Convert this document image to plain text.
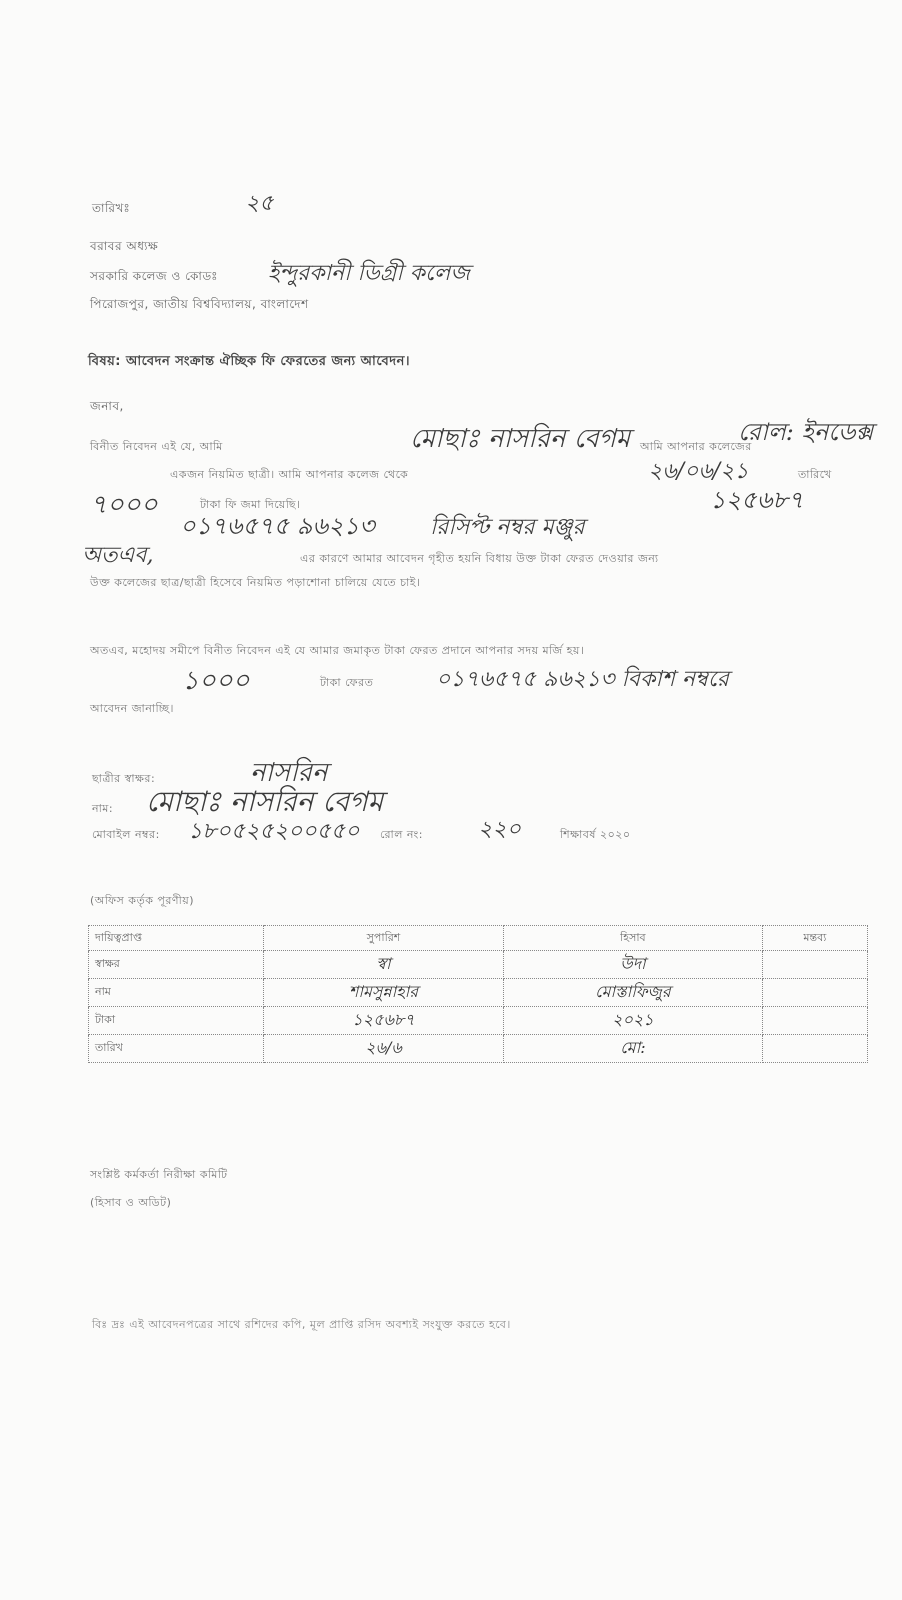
তারিখঃ	২৫
বরাবর অধ্যক্ষ
সরকারি কলেজ ও কোডঃ ইন্দুরকানী ডিগ্রী কলেজ
পিরোজপুর, জাতীয় বিশ্ববিদ্যালয়, বাংলাদেশ
বিষয়: আবেদন সংক্রান্ত ঐচ্ছিক ফি ফেরতের জন্য আবেদন।
জনাব,
বিনীত নিবেদন এই যে, আমি	মোছাঃ নাসরিন বেগম আমি আপনার কলেজের
রোল: ইনডেক্স
একজন নিয়মিত ছাত্রী। আমি আপনার কলেজ থেকে	২৬/০৬/২১	তারিখে
৭০০০	টাকা ফি জমা দিয়েছি।	১২৫৬৮৭
০১৭৬৫৭৫ ৯৬২১৩	রিসিপ্ট নম্বর মঞ্জুর
অতএব,	এর কারণে আমার আবেদন গৃহীত হয়নি বিধায় উক্ত টাকা ফেরত দেওয়ার জন্য
উক্ত কলেজের ছাত্র/ছাত্রী হিসেবে নিয়মিত পড়াশোনা চালিয়ে যেতে চাই।
অতএব, মহোদয় সমীপে বিনীত নিবেদন এই যে আমার জমাকৃত টাকা ফেরত প্রদানে আপনার সদয় মর্জি হয়।
১০০০	টাকা ফেরত	০১৭৬৫৭৫ ৯৬২১৩ বিকাশ নম্বরে
আবেদন জানাচ্ছি।
ছাত্রীর স্বাক্ষর:	নাসরিন
নাম: মোছাঃ নাসরিন বেগম
মোবাইল নম্বর: ১৮০৫২৫২০০৫৫০ রোল নং:	২২০	শিক্ষাবর্ষ ২০২০
(অফিস কর্তৃক পূরণীয়)
দায়িত্বপ্রাপ্ত	সুপারিশ	হিসাব	মন্তব্য
স্বাক্ষর	স্বা	উদা	
নাম	শামসুন্নাহার	মোস্তাফিজুর	
টাকা	১২৫৬৮৭	২০২১	
তারিখ	২৬/৬	মো:	
সংশ্লিষ্ট কর্মকর্তা নিরীক্ষা কমিটি
(হিসাব ও অডিট)
বিঃ দ্রঃ এই আবেদনপত্রের সাথে রশিদের কপি, মূল প্রাপ্তি রসিদ অবশ্যই সংযুক্ত করতে হবে।
